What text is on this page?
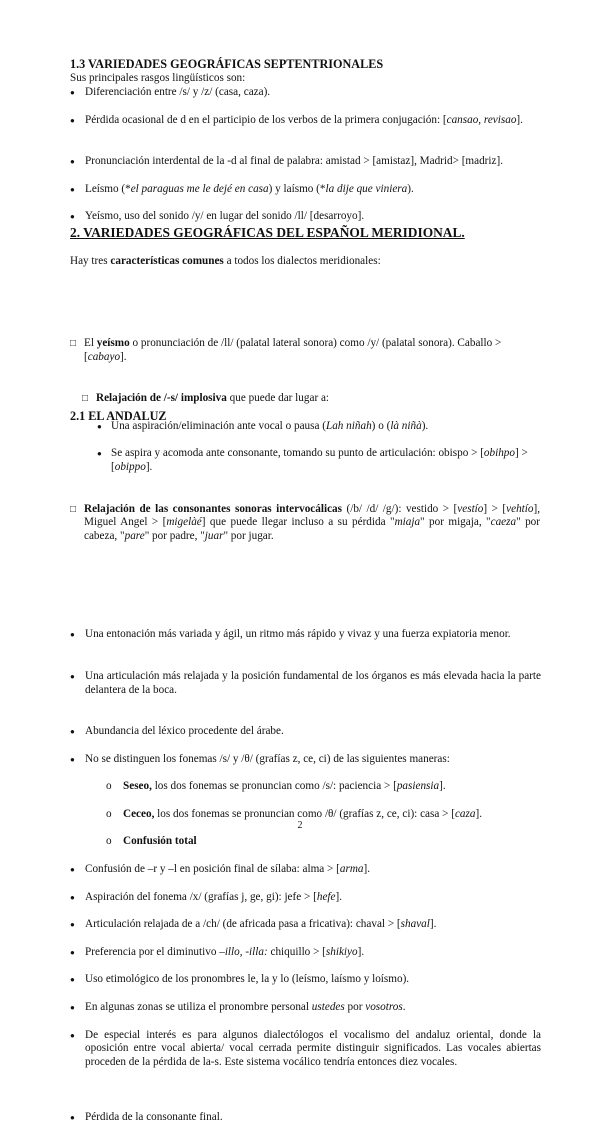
1.3 VARIEDADES GEOGRÁFICAS SEPTENTRIONALES
Sus principales rasgos lingüísticos son:
● Diferenciación entre /s/ y /z/ (casa, caza).
● Pérdida ocasional de d en el participio de los verbos de la primera conjugación: [cansao, revisao].
● Pronunciación interdental de la -d al final de palabra: amistad > [amistaz], Madrid> [madriz].
● Leísmo (*el paraguas me le dejé en casa) y laísmo (*la dije que viniera).
● Yeísmo, uso del sonido /y/ en lugar del sonido /ll/ [desarroyo].
2. VARIEDADES GEOGRÁFICAS DEL ESPAÑOL MERIDIONAL.
Hay tres características comunes a todos los dialectos meridionales:
□ El yeísmo o pronunciación de /ll/ (palatal lateral sonora) como /y/ (palatal sonora). Caballo > [cabayo].
□ Relajación de /-s/ implosiva que puede dar lugar a:
● Una aspiración/eliminación ante vocal o pausa (Lah niñah) o (là niñà).
● Se aspira y acomoda ante consonante, tomando su punto de articulación: obispo > [obihpo] > [obippo].
□ Relajación de las consonantes sonoras intervocálicas (/b/ /d/ /g/): vestido > [vestío] > [vehtío], Miguel Angel > [migelàé] que puede llegar incluso a su pérdida "miaja" por migaja, "caeza" por cabeza, "pare" por padre, "juar" por jugar.
2.1 EL ANDALUZ
● Una entonación más variada y ágil, un ritmo más rápido y vivaz y una fuerza expiatoria menor.
● Una articulación más relajada y la posición fundamental de los órganos es más elevada hacia la parte delantera de la boca.
● Abundancia del léxico procedente del árabe.
● No se distinguen los fonemas /s/ y /θ/ (grafías z, ce, ci) de las siguientes maneras:
o Seseo, los dos fonemas se pronuncian como /s/: paciencia > [pasiensia].
o Ceceo, los dos fonemas se pronuncian como /θ/ (grafías z, ce, ci): casa > [caza].
o Confusión total
● Confusión de –r y –l en posición final de sílaba: alma > [arma].
● Aspiración del fonema /x/ (grafías j, ge, gi): jefe > [hefe].
● Articulación relajada de a /ch/ (de africada pasa a fricativa): chaval > [shaval].
● Preferencia por el diminutivo –illo, -illa: chiquillo > [shikiyo].
● Uso etimológico de los pronombres le, la y lo (leísmo, laísmo y loísmo).
● En algunas zonas se utiliza el pronombre personal ustedes por vosotros.
● De especial interés es para algunos dialectólogos el vocalismo del andaluz oriental, donde la oposición entre vocal abierta/ vocal cerrada permite distinguir significados. Las vocales abiertas proceden de la pérdida de la-s. Este sistema vocálico tendría entonces diez vocales.
● Pérdida de la consonante final.
2
